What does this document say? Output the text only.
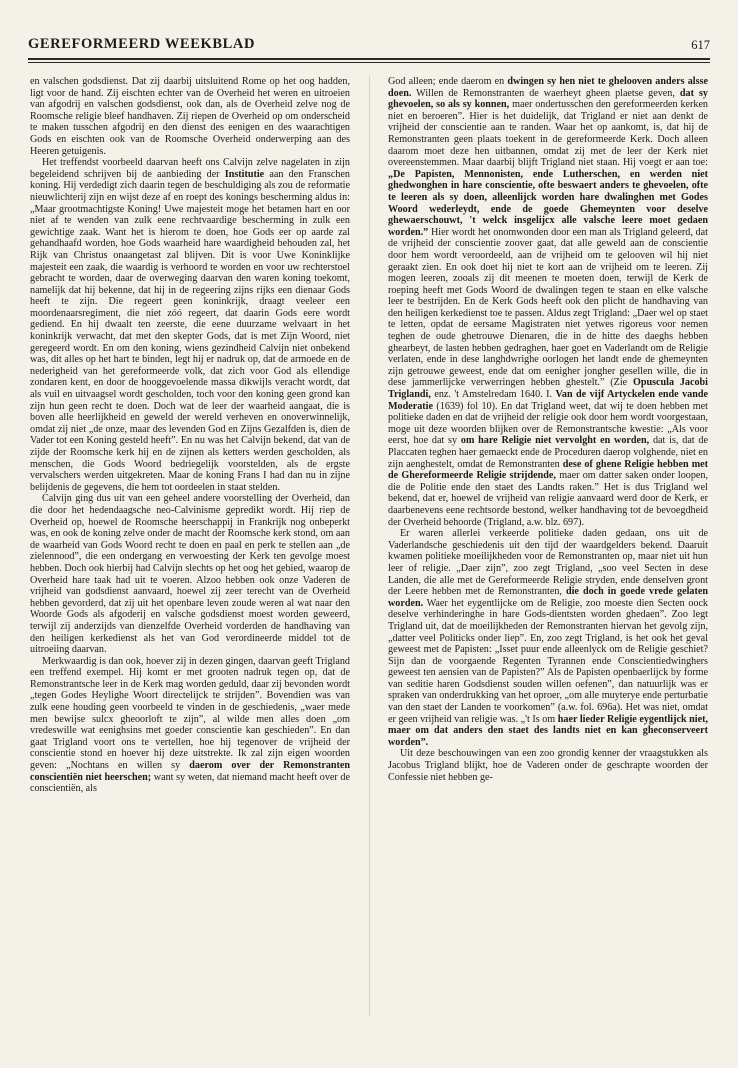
GEREFORMEERD WEEKBLAD	617

en valschen godsdienst. Dat zij daarbij uitsluitend Rome op het oog hadden, ligt voor de hand. Zij eischten echter van de Overheid het weren en uitroeien van afgodrij en valschen godsdienst, ook dan, als de Overheid zelve nog de Roomsche religie bleef handhaven. Zij riepen de Overheid op om onderscheid te maken tusschen afgodrij en den dienst des eenigen en des waarachtigen Gods en eischten ook van de Roomsche Overheid onderwerping aan des Heeren getuigenis.

Het treffendst voorbeeld daarvan heeft ons Calvijn zelve nagelaten in zijn begeleidend schrijven bij de aanbieding der Institutie aan den Franschen koning. Hij verdedigt zich daarin tegen de beschuldiging als zou de reformatie nieuwlichterij zijn en wijst deze af en roept des konings bescherming aldus in: „Maar grootmachtigste Koning! Uwe majesteit moge het betamen hart en oor niet af te wenden van zulk eene rechtvaardige bescherming in zulk een gewichtige zaak. Want het is hierom te doen, hoe Gods eer op aarde zal gehandhaafd worden, hoe Gods waarheid hare waardigheid behouden zal, het Rijk van Christus onaangetast zal blijven. Dit is voor Uwe Koninklijke majesteit een zaak, die waardig is verhoord te worden en voor uw rechterstoel gebracht te worden, daar de overweging daarvan den waren koning toekomt, namelijk dat hij bekenne, dat hij in de regeering zijns rijks een dienaar Gods heeft te zijn. Die regeert geen koninkrijk, draagt veeleer een moordenaarsregiment, die niet zóó regeert, dat daarin Gods eere wordt gediend. En hij dwaalt ten zeerste, die eene duurzame welvaart in het koninkrijk verwacht, dat met den skepter Gods, dat is met Zijn Woord, niet geregeerd wordt. En om den koning, wiens gezindheid Calvijn niet onbekend was, dit alles op het hart te binden, legt hij er nadruk op, dat de armoede en de nederigheid van het gereformeerde volk, dat zich voor God als ellendige zondaren kent, en door de hooggevoelende massa dikwijls veracht wordt, dat als vuil en uitvaagsel wordt gescholden, toch voor den koning geen grond kan zijn hun geen recht te doen. Doch wat de leer der waarheid aangaat, die is boven alle heerlijkheid en geweld der wereld verheven en onoverwinnelijk, omdat zij niet „de onze, maar des levenden God en Zijns Gezalfden is, dien de Vader tot een Koning gesteld heeft”. En nu was het Calvijn bekend, dat van de zijde der Roomsche kerk hij en de zijnen als ketters werden gescholden, als menschen, die Gods Woord bedriegelijk voorstelden, als de ergste vervalschers werden uitgekreten. Maar de koning Frans I had dan nu in zijne belijdenis de gegevens, die hem tot oordeelen in staat stelden.

Calvijn ging dus uit van een geheel andere voorstelling der Overheid, dan die door het hedendaagsche neo-Calvinisme gepredikt wordt. Hij riep de Overheid op, hoewel de Roomsche heerschappij in Frankrijk nog onbeperkt was, en ook de koning zelve onder de macht der Roomsche kerk stond, om aan de waarheid van Gods Woord recht te doen en paal en perk te stellen aan „de zielennood”, die een ondergang en verwoesting der Kerk ten gevolge moest hebben. Doch ook hierbij had Calvijn slechts op het oog het gebied, waarop de Overheid hare taak had uit te voeren. Alzoo hebben ook onze Vaderen de vrijheid van godsdienst aanvaard, hoewel zij zeer terecht van de Overheid hebben gevorderd, dat zij uit het openbare leven zoude weren al wat naar den Woorde Gods als afgoderij en valsche godsdienst moest worden geweerd, terwijl zij anderzijds van dienzelfde Overheid vorderden de handhaving van den heiligen kerkedienst als het van God verordineerde middel tot de uitroeiing daarvan.

Merkwaardig is dan ook, hoever zij in dezen gingen, daarvan geeft Trigland een treffend exempel. Hij komt er met grooten nadruk tegen op, dat de Remonstrantsche leer in de Kerk mag worden geduld, daar zij bevonden wordt „tegen Godes Heylighe Woort directelijck te strijden”. Bovendien was van zulk eene houding geen voorbeeld te vinden in de geschiedenis, „waer mede men bewijse sulcx gheoorloft te zijn”, al wilde men alles doen „om vredeswille wat eenighsins met goeder conscientie kan geschieden”. En dan gaat Trigland voort ons te vertellen, hoe hij tegenover de vrijheid der conscientie stond en hoever hij deze uitstrekte. Ik zal zijn eigen woorden geven: „Nochtans en willen sy daerom over der Remonstranten conscientiën niet heerschen; want sy weten, dat niemand macht heeft over de conscientiën, als

God alleen; ende daerom en dwingen sy hen niet te ghelooven anders alsse doen. Willen de Remonstranten de waerheyt gheen plaetse geven, dat sy ghevoelen, so als sy konnen, maer ondertusschen den gereformeerden kerken niet en beroeren”. Hier is het duidelijk, dat Trigland er niet aan denkt de vrijheid der conscientie aan te randen. Waar het op aankomt, is, dat hij de Remonstranten geen plaats toekent in de gereformeerde Kerk. Doch alleen daarom moet deze hen uitbannen, omdat zij met de leer der Kerk niet overeenstemmen. Maar daarbij blijft Trigland niet staan. Hij voegt er aan toe: „De Papisten, Mennonisten, ende Lutherschen, en werden niet ghedwonghen in hare conscientie, ofte beswaert anders te ghevoelen, ofte te leeren als sy doen, alleenlijck worden hare dwalinghen met Godes Woord wederleydt, ende de goede Ghemeynten voor deselve ghewaerschouwt, 't welck insgelijcx alle valsche leere moet gedaen worden.” Hier wordt het onomwonden door een man als Trigland geleerd, dat de vrijheid der conscientie zoover gaat, dat alle geweld aan de conscientie door hem wordt veroordeeld, aan de vrijheid om te gelooven wil hij niet geraakt zien. En ook doet hij niet te kort aan de vrijheid om te leeren. Zij mogen leeren, zooals zij dit meenen te moeten doen, terwijl de Kerk de roeping heeft met Gods Woord de dwalingen tegen te staan en elke valsche leer te bestrijden. En de Kerk Gods heeft ook den plicht de handhaving van den heiligen kerkedienst toe te passen. Aldus zegt Trigland: „Daer wel op staet te letten, opdat de eersame Magistraten niet yetwes rigoreus voor nemen teghen de oude ghetrouwe Dienaren, die in de hitte des daeghs hebben ghearbeyt, de lasten hebben gedraghen, haer goet en Vaderlandt om de Religie verlaten, ende in dese langhdwrighe oorlogen het landt ende de ghemeynten zijn getrouwe geweest, ende dat om eenigher jongher gesellen wille, die in dese jammerlijcke verwerringen hebben ghestelt.” (Zie Opuscula Jacobi Triglandi, enz. 't Amstelredam 1640. I. Van de vijf Artyckelen ende vande Moderatie (1639) fol 10). En dat Trigland weet, dat wij te doen hebben met politieke daden en dat de vrijheid der religie ook door hem wordt voorgestaan, moge uit deze woorden blijken over de Remonstrantsche kwestie: „Als voor eerst, hoe dat sy om hare Religie niet vervolght en worden, dat is, dat de Placcaten teghen haer gemaeckt ende de Proceduren daerop volghende, niet en zijn aenghestelt, omdat de Remonstranten dese of ghene Religie hebben met de Ghereformeerde Religie strijdende, maer om datter saken onder loopen, die de Politie ende den staet des Landts raken.” Het is dus Trigland wel bekend, dat er, hoewel de vrijheid van religie aanvaard werd door de Kerk, er daarbenevens eene rechtsorde bestond, welker handhaving tot de bevoegdheid der Overheid behoorde (Trigland, a.w. blz. 697).

Er waren allerlei verkeerde politieke daden gedaan, ons uit de Vaderlandsche geschiedenis uit den tijd der waardgelders bekend. Daaruit kwamen politieke moeilijkheden voor de Remonstranten op, maar niet uit hun leer of religie. „Daer zijn”, zoo zegt Trigland, „soo veel Secten in dese Landen, die alle met de Gereformeerde Religie stryden, ende denselven gront der Leere hebben met de Remonstranten, die doch in goede vrede gelaten worden. Waer het eygentlijcke om de Religie, zoo moeste dien Secten oock deselve verhinderinghe in hare Gods-dientsten worden ghedaen”. Zoo legt Trigland uit, dat de moeilijkheden der Remonstranten hiervan het gevolg zijn, „datter veel Politicks onder liep”. En, zoo zegt Trigland, is het ook het geval geweest met de Papisten: „Isset puur ende alleenlyck om de Religie geschiet? Sijn dan de voorgaende Regenten Tyrannen ende Conscientiedwinghers geweest ten aensien van de Papisten?” Als de Papisten openbaerlijck by forme van seditie haren Godsdienst souden willen oefenen”, dan natuurlijk was er spraken van onderdrukking van het oproer, „om alle muyterye ende perturbatie van den staet der Landen te voorkomen” (a.w. fol. 696a). Het was niet, omdat er geen vrijheid van religie was. „'t Is om haer lieder Religie eygentlijck niet, maer om dat anders den staet des landts niet en kan gheconserveert worden”.

Uit deze beschouwingen van een zoo grondig kenner der vraagstukken als Jacobus Trigland blijkt, hoe de Vaderen onder de geschrapte woorden der Confessie niet hebben ge-
